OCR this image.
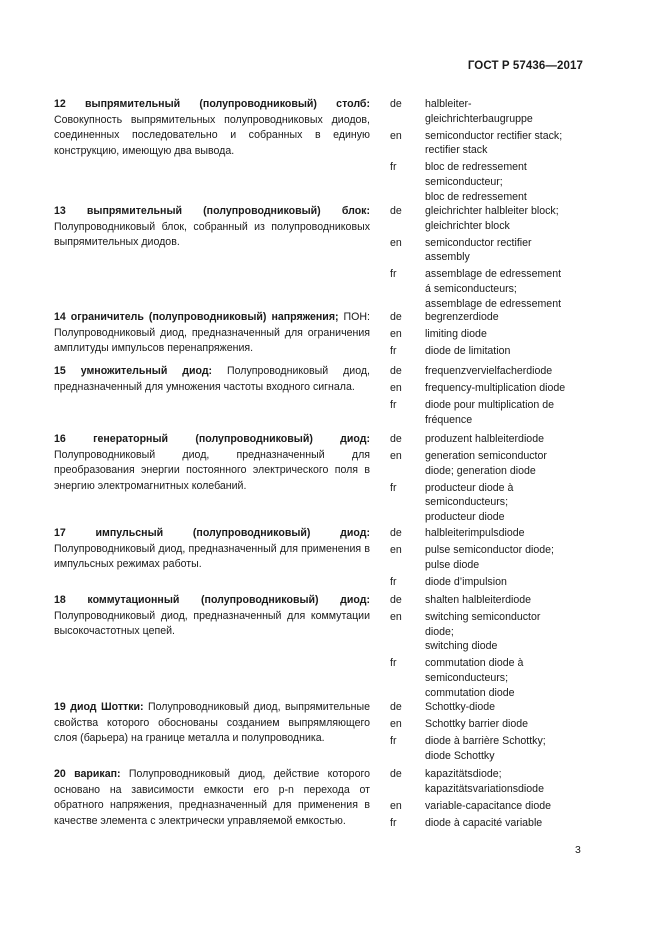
ГОСТ Р 57436—2017
12 выпрямительный (полупроводниковый) столб: Совокупность выпрямительных полупроводниковых диодов, соединенных последовательно и собранных в единую конструкцию, имеющую два вывода.
de	halbleiter-
gleichrichterbaugruppe
en	semiconductor rectifier stack;
rectifier stack
fr	bloc de redressement
semiconducteur;
bloc de redressement
13 выпрямительный (полупроводниковый) блок: Полупроводниковый блок, собранный из полупроводниковых выпрямительных диодов.
de	gleichrichter halbleiter block;
gleichrichter block
en	semiconductor rectifier
assembly
fr	assemblage de edressement
á semiconducteurs;
assemblage de edressement
14 ограничитель (полупроводниковый) напряжения; ПОН: Полупроводниковый диод, предназначенный для ограничения амплитуды импульсов перенапряжения.
de	begrenzerdiode
en	limiting diode
fr	diode de limitation
15 умножительный диод: Полупроводниковый диод, предназначенный для умножения частоты входного сигнала.
de	frequenzvervielfacherdiode
en	frequency-multiplication diode
fr	diode pour multiplication de
fréquence
16 генераторный (полупроводниковый) диод: Полупроводниковый диод, предназначенный для преобразования энергии постоянного электрического поля в энергию электромагнитных колебаний.
de	produzent halbleiterdiode
en	generation semiconductor
diode; generation diode
fr	producteur diode à
semiconducteurs;
producteur diode
17 импульсный (полупроводниковый) диод: Полупроводниковый диод, предназначенный для применения в импульсных режимах работы.
de	halbleiterimpulsdiode
en	pulse semiconductor diode;
pulse diode
fr	diode d’impulsion
18 коммутационный (полупроводниковый) диод: Полупроводниковый диод, предназначенный для коммутации высокочастотных цепей.
de	shalten halbleiterdiode
en	switching semiconductor
diode;
switching diode
fr	commutation diode à
semiconducteurs;
commutation diode
19 диод Шоттки: Полупроводниковый диод, выпрямительные свойства которого обоснованы созданием выпрямляющего слоя (барьера) на границе металла и полупроводника.
de	Schottky-diode
en	Schottky barrier diode
fr	diode à barrière Schottky;
diode Schottky
20 варикап: Полупроводниковый диод, действие которого основано на зависимости емкости его p-n перехода от обратного напряжения, предназначенный для применения в качестве элемента с электрически управляемой емкостью.
de	kapazitätsdiode;
kapazitätsvariationsdiode
en	variable-capacitance diode
fr	diode à capacité variable
3
